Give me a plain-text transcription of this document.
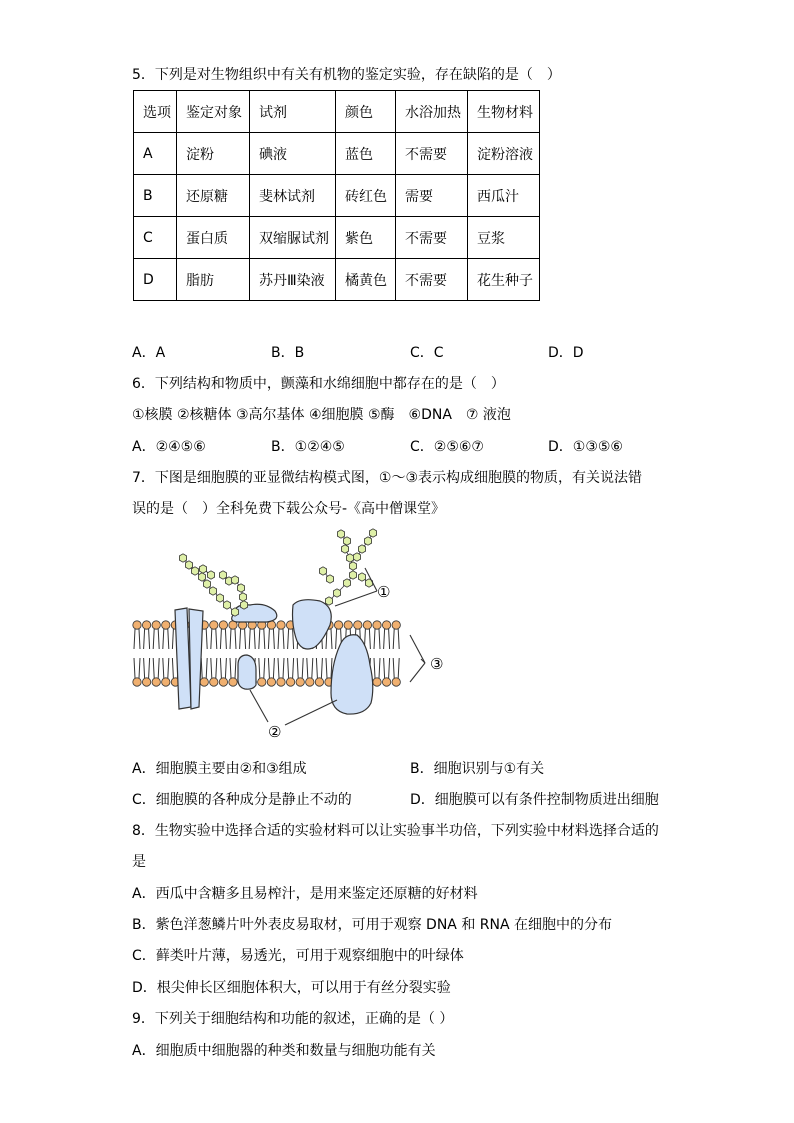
5．下列是对生物组织中有关有机物的鉴定实验，存在缺陷的是（　）
选项	鉴定对象	试剂	颜色	水浴加热	生物材料
A	淀粉	碘液	蓝色	不需要	淀粉溶液
B	还原糖	斐林试剂	砖红色	需要	西瓜汁
C	蛋白质	双缩脲试剂	紫色	不需要	豆浆
D	脂肪	苏丹Ⅲ染液	橘黄色	不需要	花生种子
A．A	B．B	C．C	D．D
6．下列结构和物质中，颤藻和水绵细胞中都存在的是（　）
①核膜 ②核糖体 ③高尔基体 ④细胞膜 ⑤酶　⑥DNA　⑦ 液泡
A．②④⑤⑥	B．①②④⑤	C．②⑤⑥⑦	D．①③⑤⑥
7．下图是细胞膜的亚显微结构模式图，①～③表示构成细胞膜的物质，有关说法错
误的是（　）全科免费下载公众号-《高中僧课堂》
①
③
②
A．细胞膜主要由②和③组成	B．细胞识别与①有关
C．细胞膜的各种成分是静止不动的	D．细胞膜可以有条件控制物质进出细胞
8．生物实验中选择合适的实验材料可以让实验事半功倍，下列实验中材料选择合适的
是
A．西瓜中含糖多且易榨汁，是用来鉴定还原糖的好材料
B．紫色洋葱鳞片叶外表皮易取材，可用于观察 DNA 和 RNA 在细胞中的分布
C．藓类叶片薄，易透光，可用于观察细胞中的叶绿体
D．根尖伸长区细胞体积大，可以用于有丝分裂实验
9．下列关于细胞结构和功能的叙述，正确的是（ ）
A．细胞质中细胞器的种类和数量与细胞功能有关
